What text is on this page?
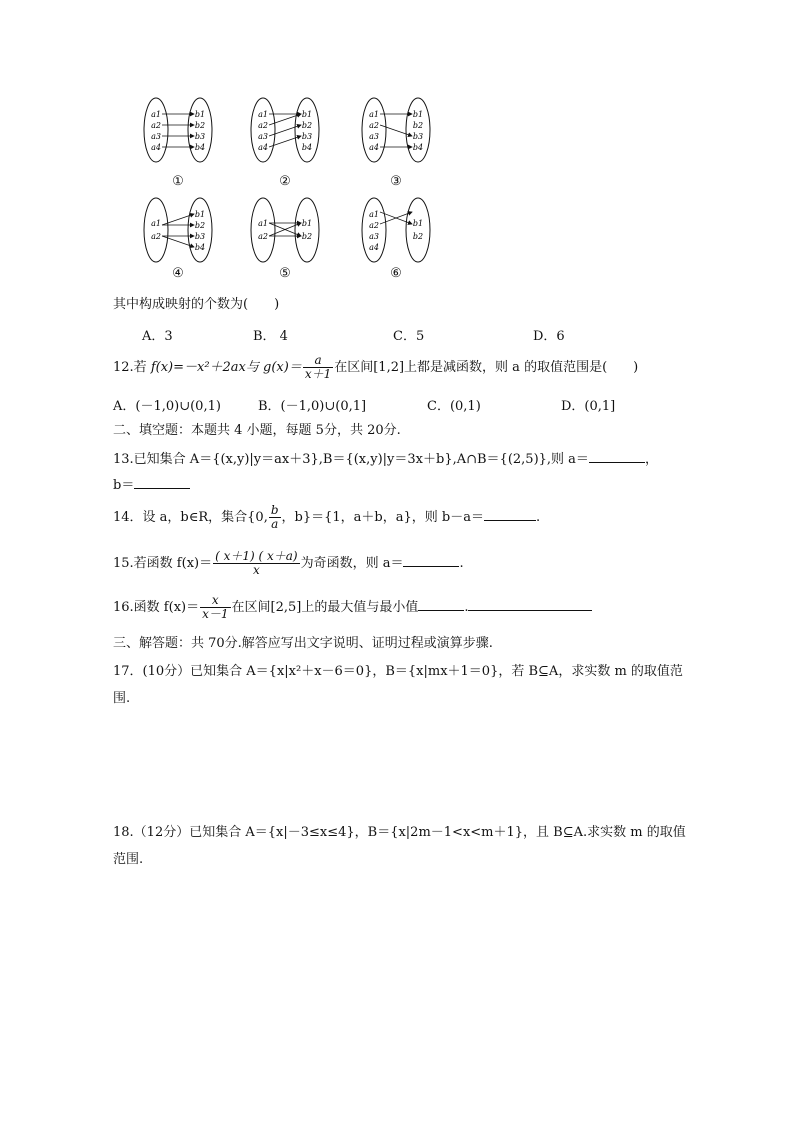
a1
a2
a3
a4
b1
b2
b3
b4
a1
a2
a3
a4
b1
b2
b3
b4
a1
a2
a3
a4
b1
b2
b3
b4
a1
a2
b1
b2
b3
b4
a1
a2
b1
b2
a1
a2
a3
a4
b1
b2
①	②	③
④	⑤	⑥
其中构成映射的个数为(　　)
A．3	B． 4	C．5	D．6
12.若 f(x)=－x²＋2ax与 $g(x)= \frac{a}{x+1}$ 在区间[1,2]上都是减函数，则 a 的取值范围是(　　)
A．(－1,0)∪(0,1)	B．(－1,0)∪(0,1]	C．(0,1)	D．(0,1]
二、填空题：本题共 4 小题，每题 5分，共 20分.
13.已知集合 A＝{(x,y)|y＝ax＋3},B＝{(x,y)|y＝3x＋b},A∩B＝{(2,5)},则 a＝	，
b＝
14．设 a，b∈R，集合{0, $\frac{b}{a}$ ，b}＝{1，a＋b，a}，则 b－a＝	.
15.若函数 $f(x)= \frac{( x+1) ( x+a)}{x}$ 为奇函数，则 a＝	.
16.函数 $f(x)= \frac{x}{x-1}$ 在区间[2,5]上的最大值与最小值	.
三、解答题：共 70分.解答应写出文字说明、证明过程或演算步骤.
17．(10分）已知集合 A＝{x|x²＋x－6＝0}，B＝{x|mx＋1＝0}，若 B⊆A，求实数 m 的取值范
围.
18.（12分）已知集合 A＝{x|－3≤x≤4}，B＝{x|2m－1<x<m＋1}，且 B⊆A.求实数 m 的取值
范围.
